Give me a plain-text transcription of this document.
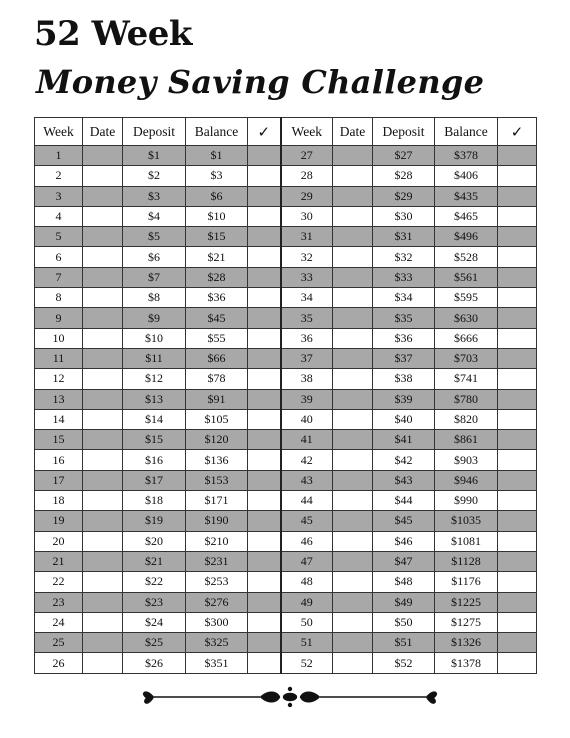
52 Week
Money Saving Challenge
Week	Date	Deposit	Balance	✓	Week	Date	Deposit	Balance	✓
1		$1	$1		27		$27	$378	
2		$2	$3		28		$28	$406	
3		$3	$6		29		$29	$435	
4		$4	$10		30		$30	$465	
5		$5	$15		31		$31	$496	
6		$6	$21		32		$32	$528	
7		$7	$28		33		$33	$561	
8		$8	$36		34		$34	$595	
9		$9	$45		35		$35	$630	
10		$10	$55		36		$36	$666	
11		$11	$66		37		$37	$703	
12		$12	$78		38		$38	$741	
13		$13	$91		39		$39	$780	
14		$14	$105		40		$40	$820	
15		$15	$120		41		$41	$861	
16		$16	$136		42		$42	$903	
17		$17	$153		43		$43	$946	
18		$18	$171		44		$44	$990	
19		$19	$190		45		$45	$1035	
20		$20	$210		46		$46	$1081	
21		$21	$231		47		$47	$1128	
22		$22	$253		48		$48	$1176	
23		$23	$276		49		$49	$1225	
24		$24	$300		50		$50	$1275	
25		$25	$325		51		$51	$1326	
26		$26	$351		52		$52	$1378	
